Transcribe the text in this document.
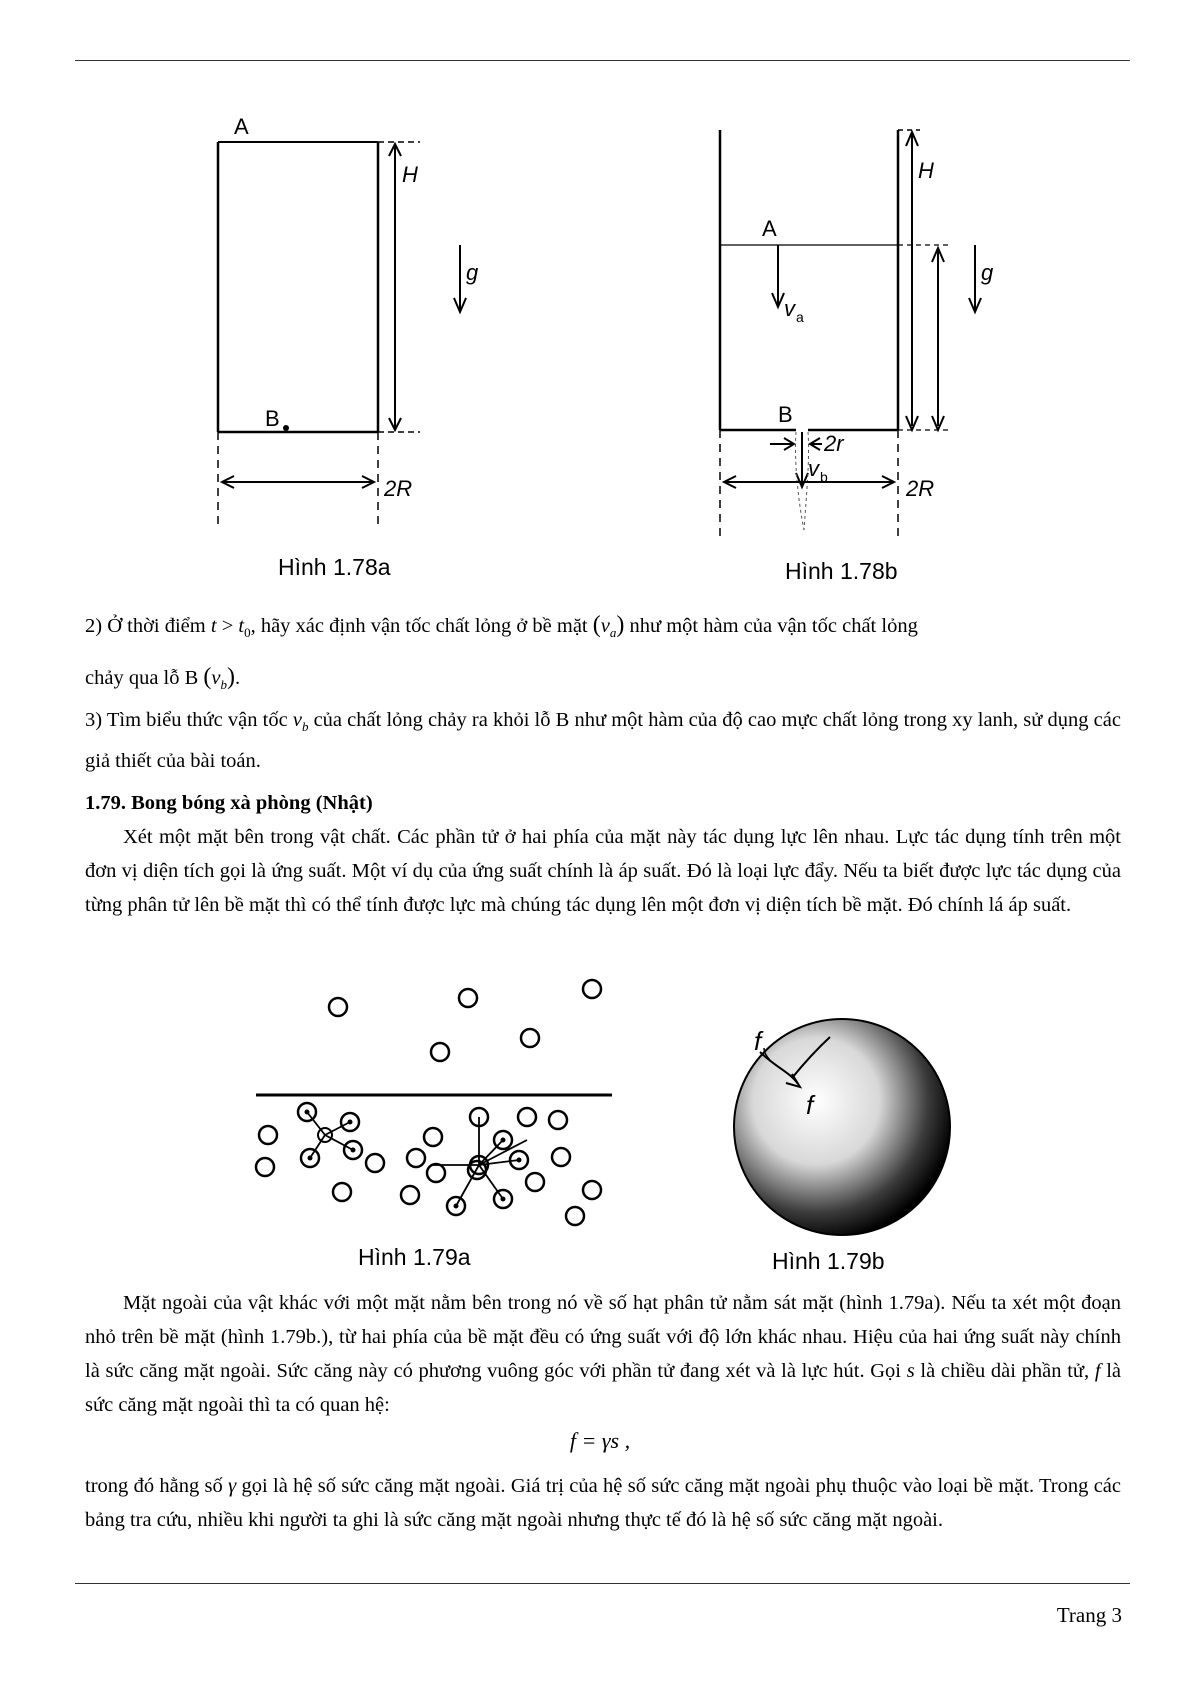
A
B
H
2R
g
Hình 1.78a
A
B
H
v a
v b
2r
2R
g
Hình 1.78b

2) Ở thời điểm $t > t_0$, hãy xác định vận tốc chất lỏng ở bề mặt $(v_a)$ như một hàm của vận tốc chất lỏng

chảy qua lỗ B $(v_b)$.

3) Tìm biểu thức vận tốc $v_b$ của chất lỏng chảy ra khỏi lỗ B như một hàm của độ cao mực chất lỏng trong xy lanh, sử dụng các giả thiết của bài toán.

1.79. Bong bóng xà phòng (Nhật)

Xét một mặt bên trong vật chất. Các phần tử ở hai phía của mặt này tác dụng lực lên nhau. Lực tác dụng tính trên một đơn vị diện tích gọi là ứng suất. Một ví dụ của ứng suất chính là áp suất. Đó là loại lực đẩy. Nếu ta biết được lực tác dụng của từng phân tử lên bề mặt thì có thể tính được lực mà chúng tác dụng lên một đơn vị diện tích bề mặt. Đó chính lá áp suất.

Hình 1.79a
f
f
Hình 1.79b

Mặt ngoài của vật khác với một mặt nằm bên trong nó về số hạt phân tử nằm sát mặt (hình 1.79a). Nếu ta xét một đoạn nhỏ trên bề mặt (hình 1.79b.), từ hai phía của bề mặt đều có ứng suất với độ lớn khác nhau. Hiệu của hai ứng suất này chính là sức căng mặt ngoài. Sức căng này có phương vuông góc với phần tử đang xét và là lực hút. Gọi s là chiều dài phần tử, f là sức căng mặt ngoài thì ta có quan hệ:

f = γs ,

trong đó hằng số γ gọi là hệ số sức căng mặt ngoài. Giá trị của hệ số sức căng mặt ngoài phụ thuộc vào loại bề mặt. Trong các bảng tra cứu, nhiều khi người ta ghi là sức căng mặt ngoài nhưng thực tế đó là hệ số sức căng mặt ngoài.

Trang 3
